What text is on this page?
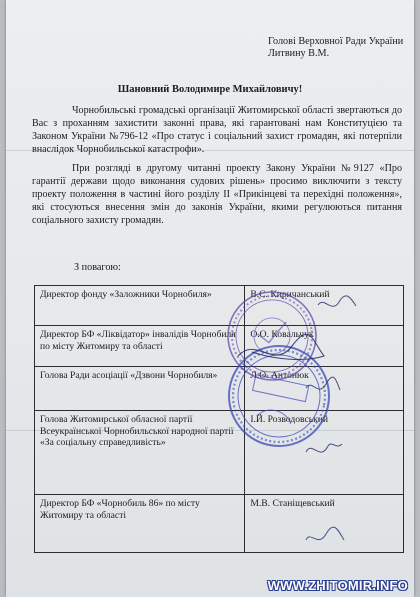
Голові Верховної Ради України
Литвину В.М.
Шановний Володимире Михайловичу!
Чорнобильські громадські організації Житомирської області звертаються до Вас з проханням захистити законні права, які гарантовані нам Конституцією та Законом України №796-12 «Про статус і соціальний захист громадян, які потерпіли внаслідок Чорнобильської катастрофи».
При розгляді в другому читанні проекту Закону України №9127 «Про гарантії держави щодо виконання судових рішень» просимо виключити з тексту проекту положення в частині його розділу ІІ «Прикінцеві та перехідні положення», які стосуються внесення змін до законів України, якими регулюються питання соціального захисту громадян.
З повагою:
Директор фонду «Заложники Чорнобиля»	В.С. Киричанський
Директор БФ «Ліквідатор» інвалідів Чорнобиля по місту Житомиру та області	О.О. Ковальчук
Голова Ради асоціації «Дзвони Чорнобиля»	Л.О. Антонюк
Голова Житомирської обласної партії Всеукраїнської Чорнобильської народної партії «За соціальну справедливість»	І.Й. Розводовський
Директор БФ «Чорнобиль 86» по місту Житомиру та області	М.В. Станіщевський
WWW.ZHITOMIR.INFO
